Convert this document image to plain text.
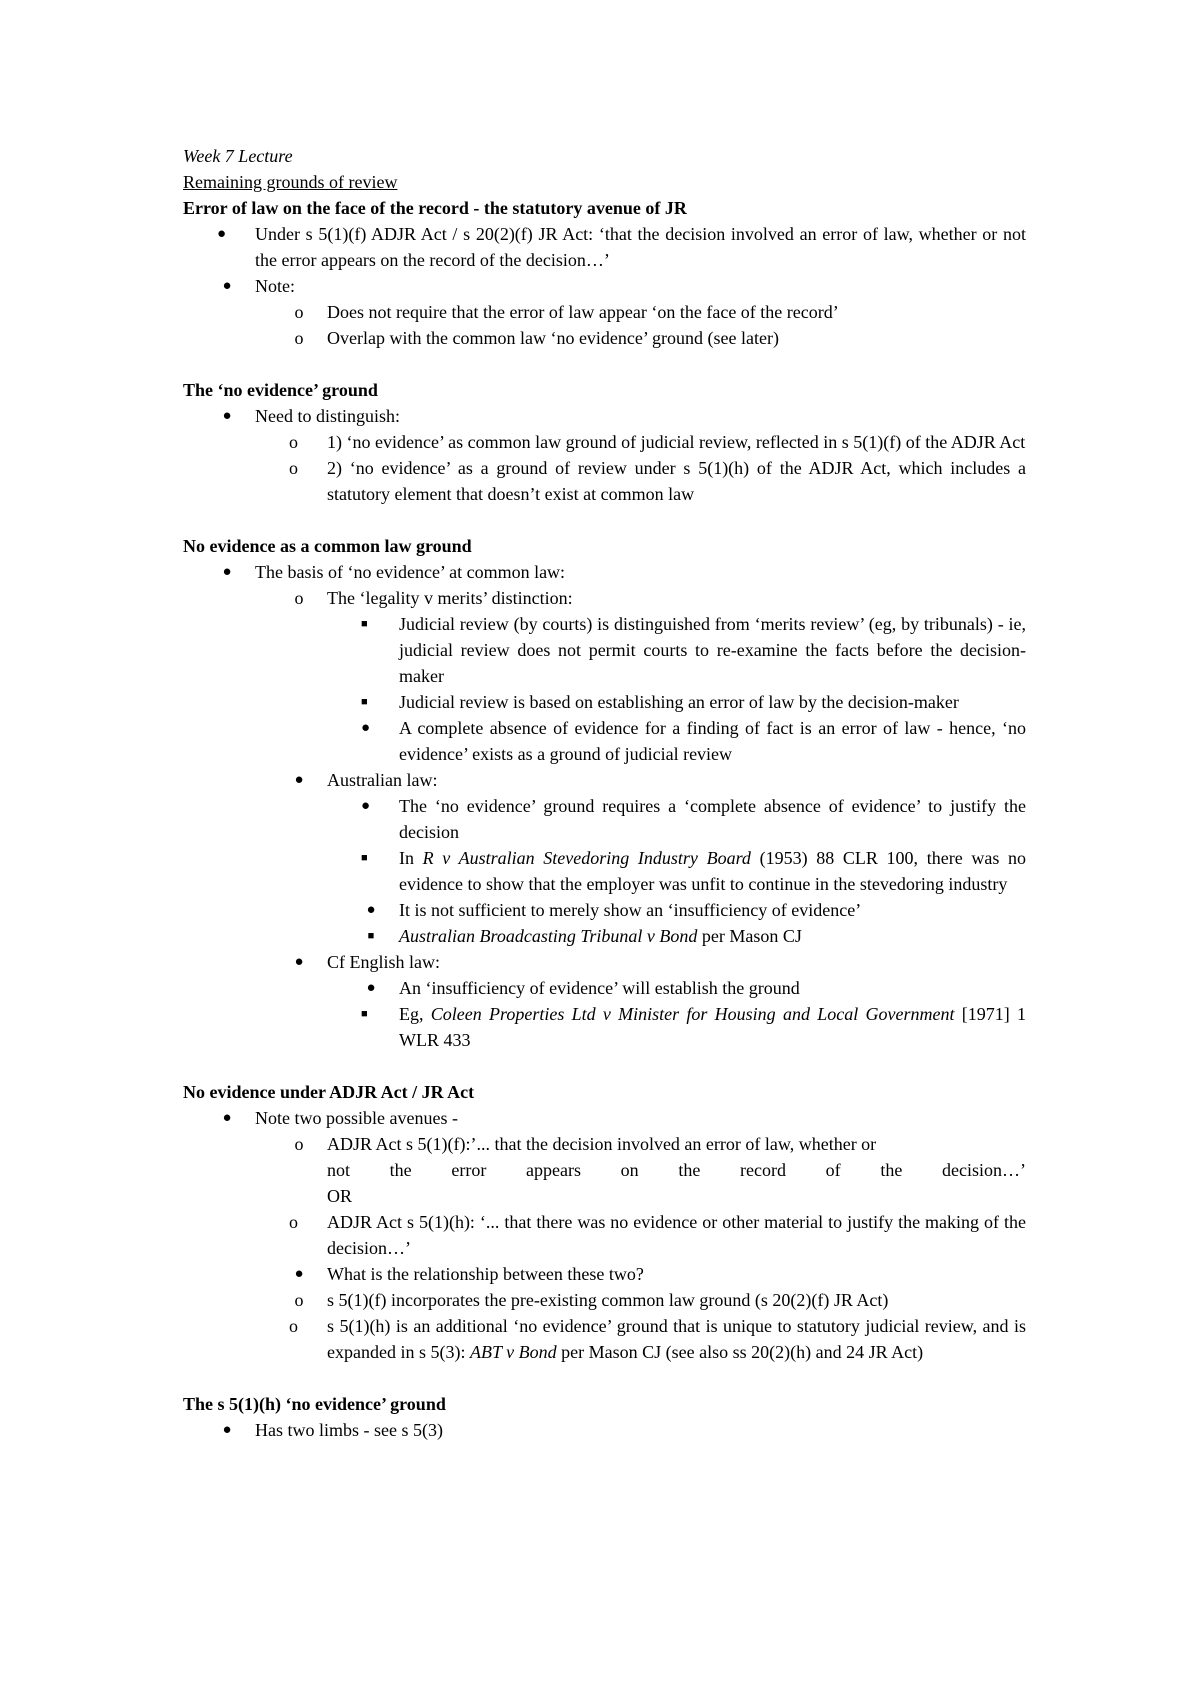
Week 7 Lecture

Remaining grounds of review

Error of law on the face of the record - the statutory avenue of JR

●	Under s 5(1)(f) ADJR Act / s 20(2)(f) JR Act: ‘that the decision involved an error of law, whether or not the error appears on the record of the decision…’
●	Note:
o	Does not require that the error of law appear ‘on the face of the record’
o	Overlap with the common law ‘no evidence’ ground (see later)

The ‘no evidence’ ground

●	Need to distinguish:
o	1) ‘no evidence’ as common law ground of judicial review, reflected in s 5(1)(f) of the ADJR Act
o	2) ‘no evidence’ as a ground of review under s 5(1)(h) of the ADJR Act, which includes a statutory element that doesn’t exist at common law

No evidence as a common law ground

●	The basis of ‘no evidence’ at common law:
o	The ‘legality v merits’ distinction:
■	Judicial review (by courts) is distinguished from ‘merits review’ (eg, by tribunals) - ie, judicial review does not permit courts to re-examine the facts before the decision-maker
■	Judicial review is based on establishing an error of law by the decision-maker
●	A complete absence of evidence for a finding of fact is an error of law - hence, ‘no evidence’ exists as a ground of judicial review
●	Australian law:
●	The ‘no evidence’ ground requires a ‘complete absence of evidence’ to justify the decision
■	In R v Australian Stevedoring Industry Board (1953) 88 CLR 100, there was no evidence to show that the employer was unfit to continue in the stevedoring industry
●	It is not sufficient to merely show an ‘insufficiency of evidence’
■	Australian Broadcasting Tribunal v Bond per Mason CJ
●	Cf English law:
●	An ‘insufficiency of evidence’ will establish the ground
■	Eg, Coleen Properties Ltd v Minister for Housing and Local Government [1971] 1 WLR 433

No evidence under ADJR Act / JR Act

●	Note two possible avenues -
o	ADJR Act s 5(1)(f):’... that the decision involved an error of law, whether or
not the error appears on the record of the decision…’
OR
o	ADJR Act s 5(1)(h): ‘... that there was no evidence or other material to justify the making of the decision…’
●	What is the relationship between these two?
o	s 5(1)(f) incorporates the pre-existing common law ground (s 20(2)(f) JR Act)
o	s 5(1)(h) is an additional ‘no evidence’ ground that is unique to statutory judicial review, and is expanded in s 5(3): ABT v Bond per Mason CJ (see also ss 20(2)(h) and 24 JR Act)

The s 5(1)(h) ‘no evidence’ ground

●	Has two limbs - see s 5(3)
